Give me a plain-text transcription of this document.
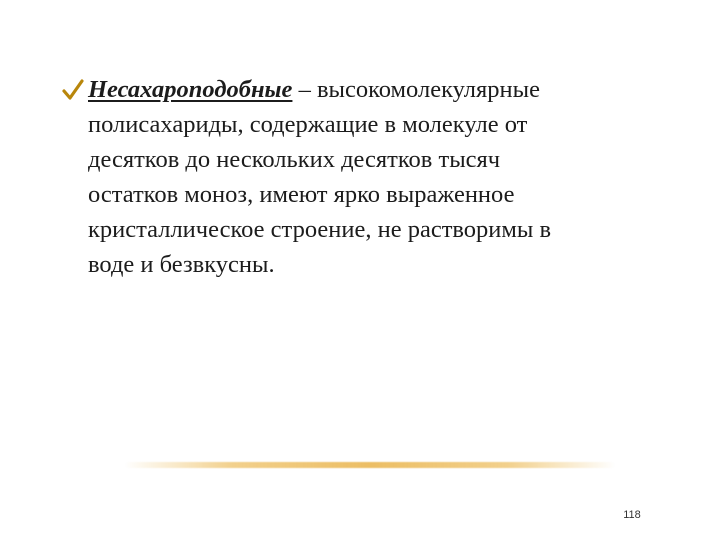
Несахароподобные – высокомолекулярные
полисахариды, содержащие в молекуле от
десятков до нескольких десятков тысяч
остатков моноз, имеют ярко выраженное
кристаллическое строение, не растворимы в
воде и безвкусны.
118
